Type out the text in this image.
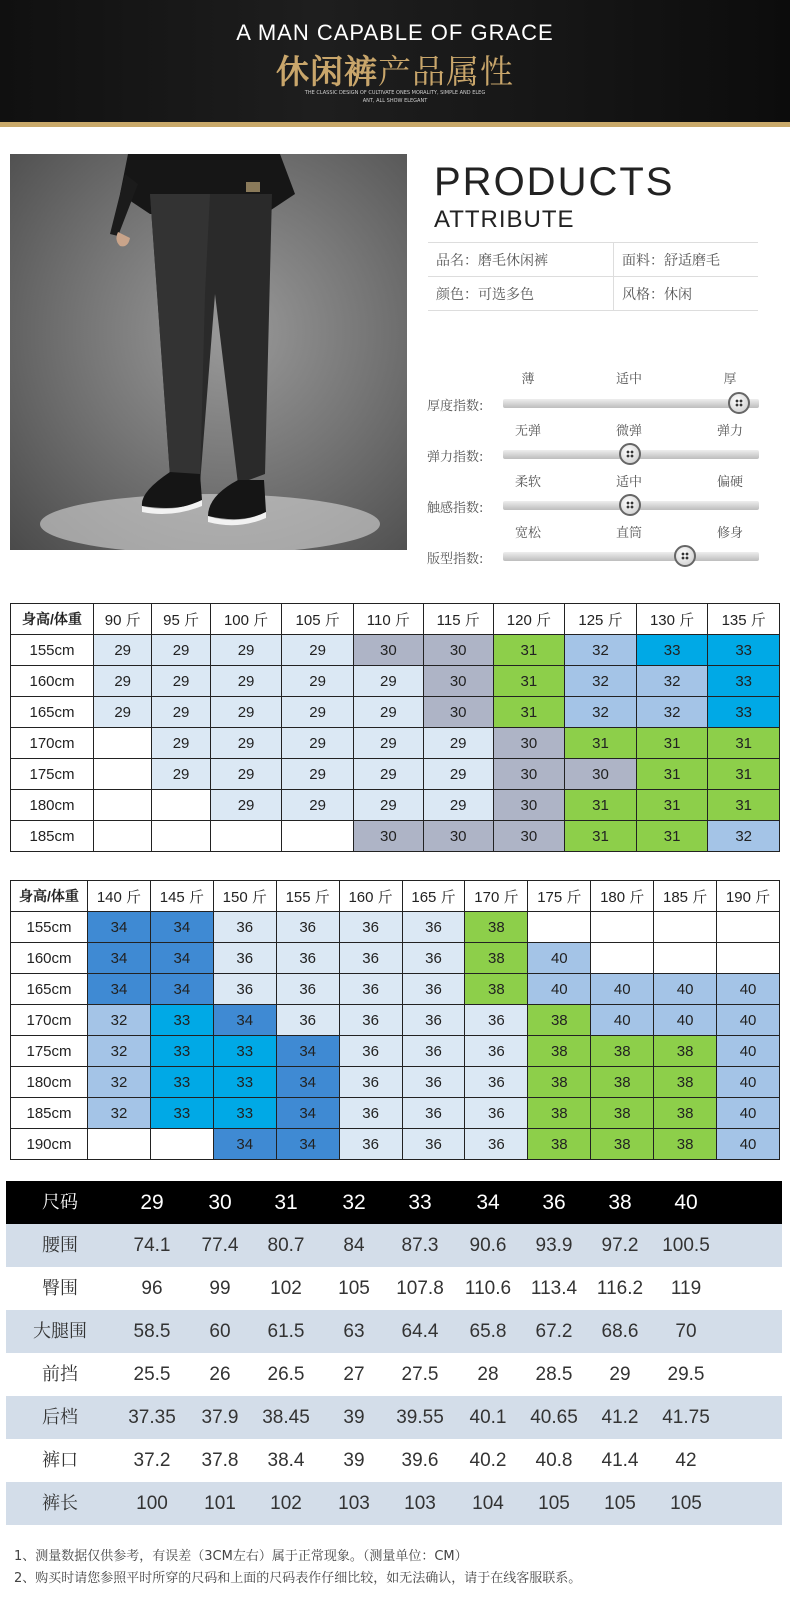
A MAN CAPABLE OF GRACE
休闲裤产品属性
THE CLASSIC DESIGN OF CULTIVATE ONES MORALITY, SIMPLE AND ELEG
ANT, ALL SHOW ELEGANT
PRODUCTS
ATTRIBUTE
品名：磨毛休闲裤	面料：舒适磨毛
颜色：可选多色	风格：休闲
薄	适中	厚
厚度指数:
无弹	微弹	弹力
弹力指数:
柔软	适中	偏硬
触感指数:
宽松	直筒	修身
版型指数:
身高/体重	90 斤	95 斤	100 斤	105 斤	110 斤	115 斤	120 斤	125 斤	130 斤	135 斤
155cm	29	29	29	29	30	30	31	32	33	33
160cm	29	29	29	29	29	30	31	32	32	33
165cm	29	29	29	29	29	30	31	32	32	33
170cm		29	29	29	29	29	30	31	31	31
175cm		29	29	29	29	29	30	30	31	31
180cm			29	29	29	29	30	31	31	31
185cm					30	30	30	31	31	32
身高/体重	140 斤	145 斤	150 斤	155 斤	160 斤	165 斤	170 斤	175 斤	180 斤	185 斤	190 斤
155cm	34	34	36	36	36	36	38				
160cm	34	34	36	36	36	36	38	40			
165cm	34	34	36	36	36	36	38	40	40	40	40
170cm	32	33	34	36	36	36	36	38	40	40	40
175cm	32	33	33	34	36	36	36	38	38	38	40
180cm	32	33	33	34	36	36	36	38	38	38	40
185cm	32	33	33	34	36	36	36	38	38	38	40
190cm			34	34	36	36	36	38	38	38	40
尺码	29	30	31	32	33	34	36	38	40
腰围	74.1	77.4	80.7	84	87.3	90.6	93.9	97.2	100.5
臀围	96	99	102	105	107.8	110.6	113.4	116.2	119
大腿围	58.5	60	61.5	63	64.4	65.8	67.2	68.6	70
前挡	25.5	26	26.5	27	27.5	28	28.5	29	29.5
后档	37.35	37.9	38.45	39	39.55	40.1	40.65	41.2	41.75
裤口	37.2	37.8	38.4	39	39.6	40.2	40.8	41.4	42
裤长	100	101	102	103	103	104	105	105	105
1、测量数据仅供参考，有误差（3CM左右）属于正常现象。（测量单位：CM）
2、购买时请您参照平时所穿的尺码和上面的尺码表作仔细比较，如无法确认，请于在线客服联系。
